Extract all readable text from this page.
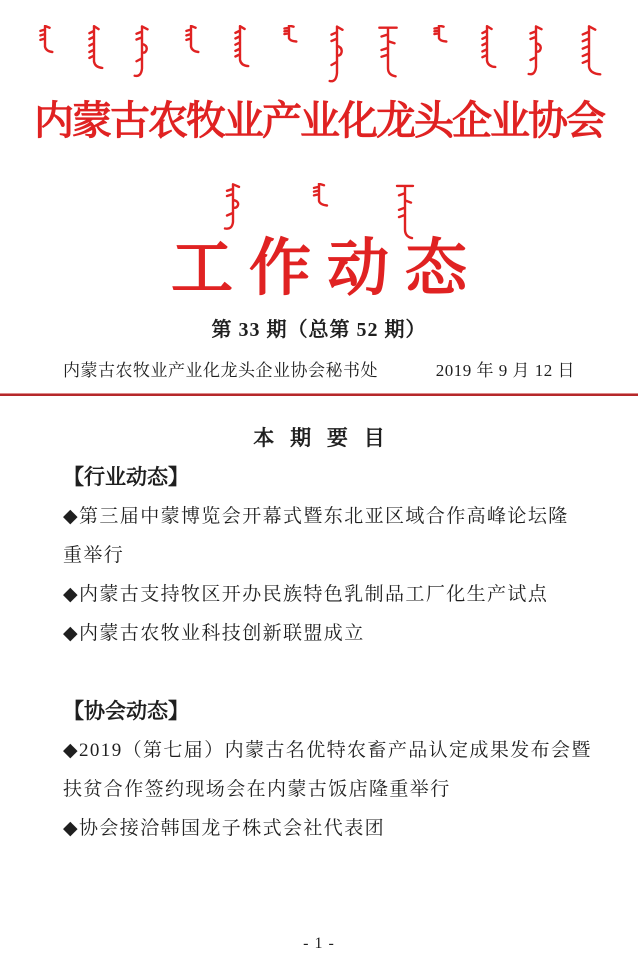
内蒙古农牧业产业化龙头企业协会
工作动态
第 33 期（总第 52 期）
内蒙古农牧业产业化龙头企业协会秘书处	2019 年 9 月 12 日
本 期 要 目
【行业动态】

◆第三届中蒙博览会开幕式暨东北亚区域合作高峰论坛隆

重举行

◆内蒙古支持牧区开办民族特色乳制品工厂化生产试点

◆内蒙古农牧业科技创新联盟成立

【协会动态】

◆2019（第七届）内蒙古名优特农畜产品认定成果发布会暨

扶贫合作签约现场会在内蒙古饭店隆重举行

◆协会接洽韩国龙子株式会社代表团

- 1 -
